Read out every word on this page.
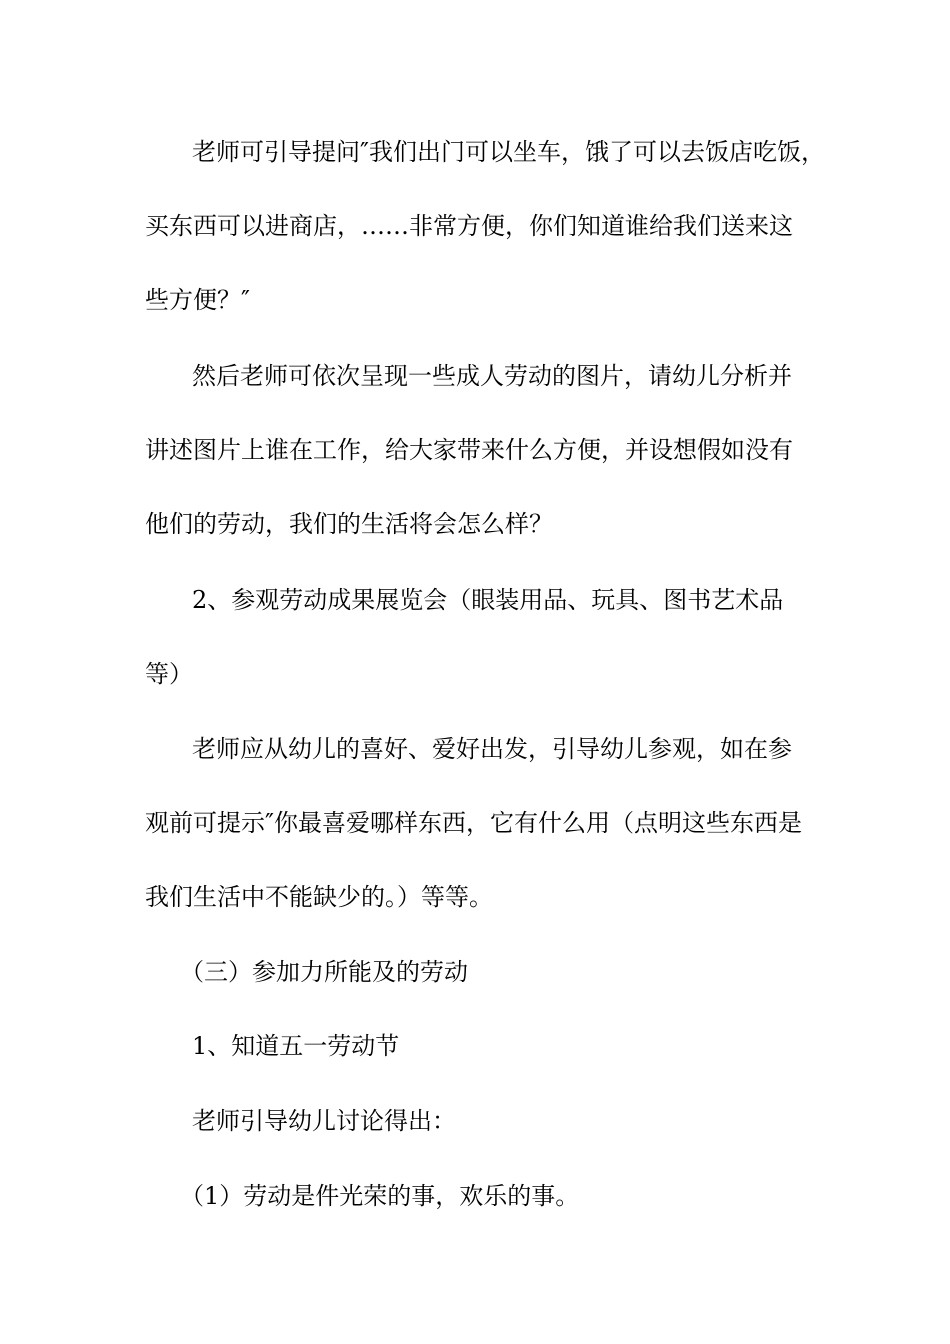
老师可引导提问″我们出门可以坐车，饿了可以去饭店吃饭，
买东西可以进商店，……非常方便，你们知道谁给我们送来这
些方便？″
然后老师可依次呈现一些成人劳动的图片，请幼儿分析并
讲述图片上谁在工作，给大家带来什么方便，并设想假如没有
他们的劳动，我们的生活将会怎么样？
2、参观劳动成果展览会（眼装用品、玩具、图书艺术品
等）
老师应从幼儿的喜好、爱好出发，引导幼儿参观，如在参
观前可提示″你最喜爱哪样东西，它有什么用（点明这些东西是
我们生活中不能缺少的。）等等。
（三）参加力所能及的劳动
1、知道五一劳动节
老师引导幼儿讨论得出：
（1）劳动是件光荣的事，欢乐的事。
